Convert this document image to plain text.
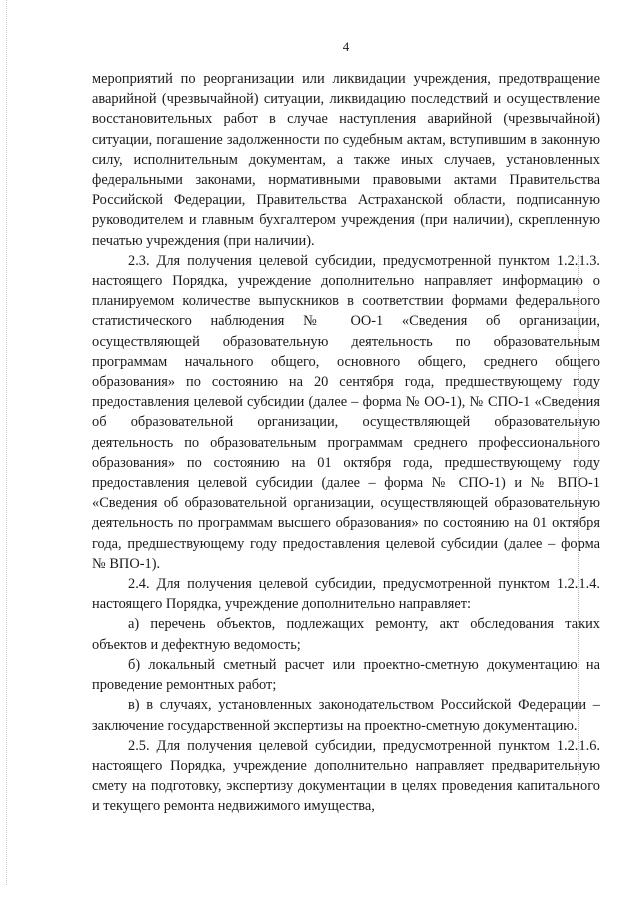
4

мероприятий по реорганизации или ликвидации учреждения, предотвращение аварийной (чрезвычайной) ситуации, ликвидацию последствий и осуществление восстановительных работ в случае наступления аварийной (чрезвычайной) ситуации, погашение задолженности по судебным актам, вступившим в законную силу, исполнительным документам, а также иных случаев, установленных федеральными законами, нормативными правовыми актами Правительства Российской Федерации, Правительства Астраханской области, подписанную руководителем и главным бухгалтером учреждения (при наличии), скрепленную печатью учреждения (при наличии).

2.3. Для получения целевой субсидии, предусмотренной пунктом 1.2.1.3. настоящего Порядка, учреждение дополнительно направляет информацию о планируемом количестве выпускников в соответствии формами федерального статистического наблюдения № ОО-1 «Сведения об организации, осуществляющей образовательную деятельность по образовательным программам начального общего, основного общего, среднего общего образования» по состоянию на 20 сентября года, предшествующему году предоставления целевой субсидии (далее – форма № ОО-1), № СПО-1 «Сведения об образовательной организации, осуществляющей образовательную деятельность по образовательным программам среднего профессионального образования» по состоянию на 01 октября года, предшествующему году предоставления целевой субсидии (далее – форма № СПО-1) и № ВПО-1 «Сведения об образовательной организации, осуществляющей образовательную деятельность по программам высшего образования» по состоянию на 01 октября года, предшествующему году предоставления целевой субсидии (далее – форма № ВПО-1).

2.4. Для получения целевой субсидии, предусмотренной пунктом 1.2.1.4. настоящего Порядка, учреждение дополнительно направляет:

а) перечень объектов, подлежащих ремонту, акт обследования таких объектов и дефектную ведомость;

б) локальный сметный расчет или проектно-сметную документацию на проведение ремонтных работ;

в) в случаях, установленных законодательством Российской Федерации – заключение государственной экспертизы на проектно-сметную документацию.

2.5. Для получения целевой субсидии, предусмотренной пунктом 1.2.1.6. настоящего Порядка, учреждение дополнительно направляет предварительную смету на подготовку, экспертизу документации в целях проведения капитального и текущего ремонта недвижимого имущества,
